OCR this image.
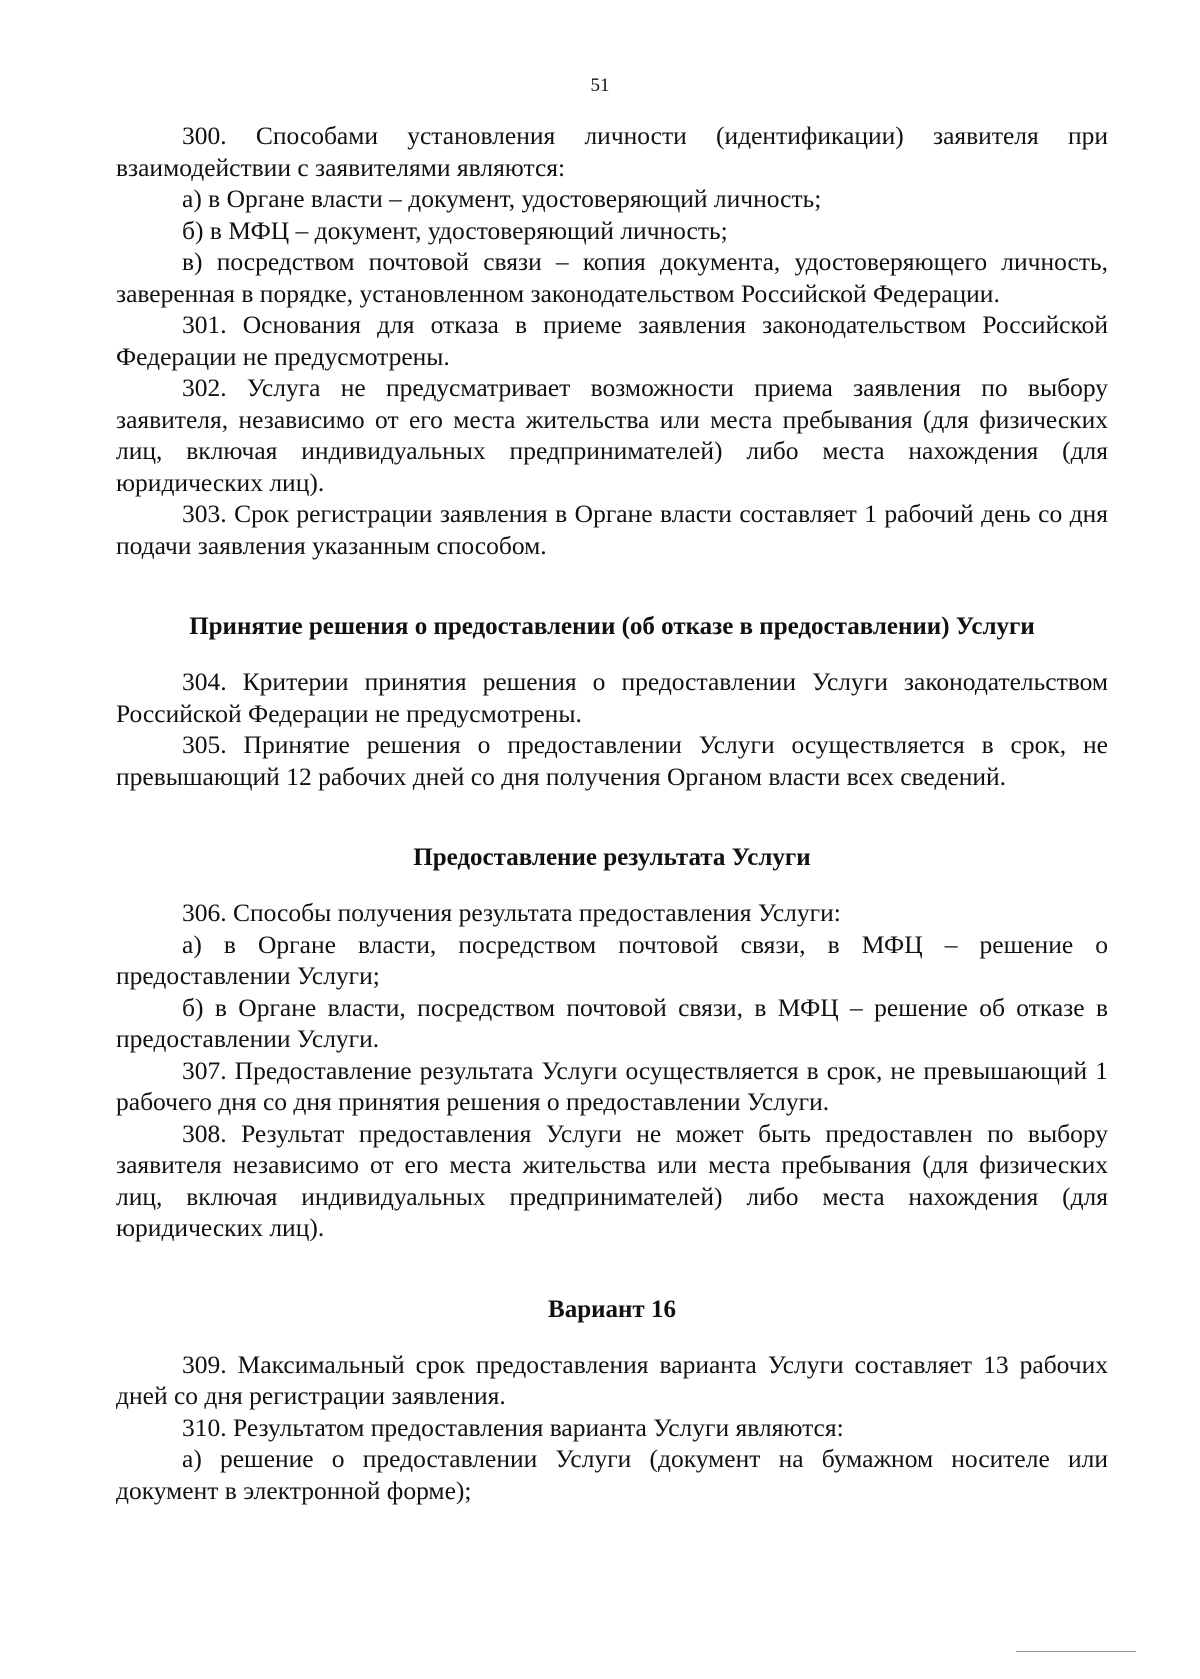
51

300. Способами установления личности (идентификации) заявителя при взаимодействии с заявителями являются:

а) в Органе власти – документ, удостоверяющий личность;

б) в МФЦ – документ, удостоверяющий личность;

в) посредством почтовой связи – копия документа, удостоверяющего личность, заверенная в порядке, установленном законодательством Российской Федерации.

301. Основания для отказа в приеме заявления законодательством Российской Федерации не предусмотрены.

302. Услуга не предусматривает возможности приема заявления по выбору заявителя, независимо от его места жительства или места пребывания (для физических лиц, включая индивидуальных предпринимателей) либо места нахождения (для юридических лиц).

303. Срок регистрации заявления в Органе власти составляет 1 рабочий день со дня подачи заявления указанным способом.

Принятие решения о предоставлении (об отказе в предоставлении) Услуги

304. Критерии принятия решения о предоставлении Услуги законодательством Российской Федерации не предусмотрены.

305. Принятие решения о предоставлении Услуги осуществляется в срок, не превышающий 12 рабочих дней со дня получения Органом власти всех сведений.

Предоставление результата Услуги

306. Способы получения результата предоставления Услуги:

а) в Органе власти, посредством почтовой связи, в МФЦ – решение о предоставлении Услуги;

б) в Органе власти, посредством почтовой связи, в МФЦ – решение об отказе в предоставлении Услуги.

307. Предоставление результата Услуги осуществляется в срок, не превышающий 1 рабочего дня со дня принятия решения о предоставлении Услуги.

308. Результат предоставления Услуги не может быть предоставлен по выбору заявителя независимо от его места жительства или места пребывания (для физических лиц, включая индивидуальных предпринимателей) либо места нахождения (для юридических лиц).

Вариант 16

309. Максимальный срок предоставления варианта Услуги составляет 13 рабочих дней со дня регистрации заявления.

310. Результатом предоставления варианта Услуги являются:

а) решение о предоставлении Услуги (документ на бумажном носителе или документ в электронной форме);
